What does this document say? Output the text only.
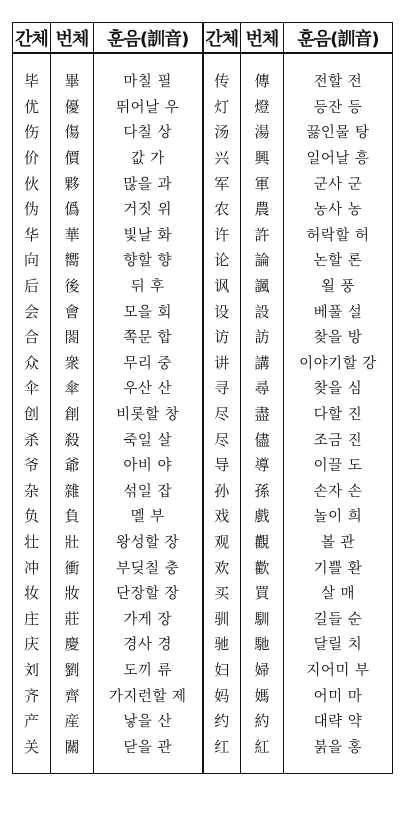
간체	번체	훈음(訓音)	간체	번체	훈음(訓音)
毕	畢	마칠 필	传	傳	전할 전
优	優	뛰어날 우	灯	燈	등잔 등
伤	傷	다칠 상	汤	湯	끓인물 탕
价	價	값 가	兴	興	일어날 흥
伙	夥	많을 과	军	軍	군사 군
伪	僞	거짓 위	农	農	농사 농
华	華	빛날 화	许	許	허락할 허
向	嚮	향할 향	论	論	논할 론
后	後	뒤 후	讽	諷	욀 풍
会	會	모을 회	设	設	베풀 설
合	閤	쪽문 합	访	訪	찾을 방
众	衆	무리 중	讲	講	이야기할 강
伞	傘	우산 산	寻	尋	찾을 심
创	創	비롯할 창	尽	盡	다할 진
杀	殺	죽일 살	尽	儘	조금 진
爷	爺	아비 야	导	導	이끌 도
杂	雜	섞일 잡	孙	孫	손자 손
负	負	멜 부	戏	戲	놀이 희
壮	壯	왕성할 장	观	觀	볼 관
冲	衝	부딪칠 충	欢	歡	기쁠 환
妆	妝	단장할 장	买	買	살 매
庄	莊	가게 장	驯	馴	길들 순
庆	慶	경사 경	驰	馳	달릴 치
刘	劉	도끼 류	妇	婦	지어미 부
齐	齊	가지런할 제	妈	媽	어미 마
产	産	낳을 산	约	約	대략 약
关	關	닫을 관	红	紅	붉을 홍
